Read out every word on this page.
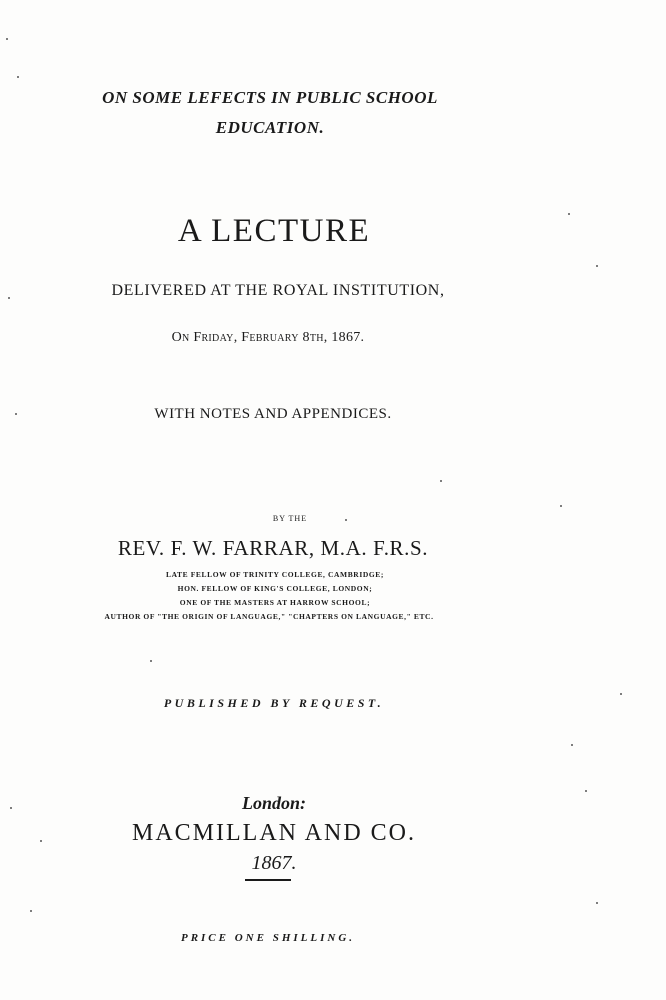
ON SOME LEFECTS IN PUBLIC SCHOOL
EDUCATION.
A LECTURE
DELIVERED AT THE ROYAL INSTITUTION,
On Friday, February 8th, 1867.
WITH NOTES AND APPENDICES.
BY THE
REV. F. W. FARRAR, M.A. F.R.S.
LATE FELLOW OF TRINITY COLLEGE, CAMBRIDGE;
HON. FELLOW OF KING'S COLLEGE, LONDON;
ONE OF THE MASTERS AT HARROW SCHOOL;
AUTHOR OF "THE ORIGIN OF LANGUAGE," "CHAPTERS ON LANGUAGE," ETC.
PUBLISHED BY REQUEST.
London:
MACMILLAN AND CO.
1867.
PRICE ONE SHILLING.
